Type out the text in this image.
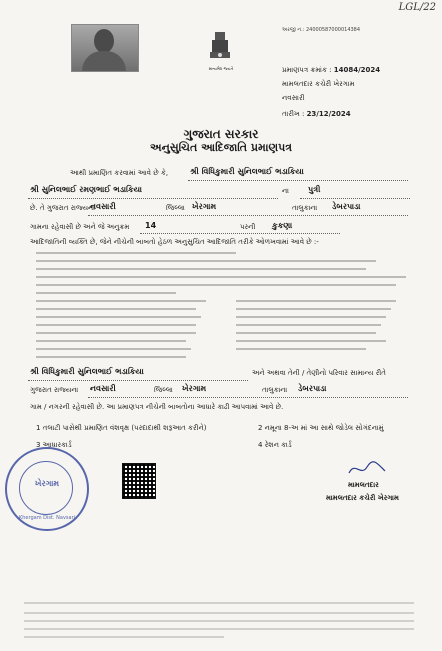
LGL/22
સત્યમેવ જયતે
અરજી નં.: 24000587000014384
પ્રમાણપત્ર ક્રમાંક : 14084/2024
મામલતદાર કચેરી ખેરગામ
નવસારી
તારીખ : 23/12/2024
ગુજરાત સરકાર
અનુસુચિત આદિજાતિ પ્રમાણપત્ર
આથી પ્રમાણિત કરવામાં આવે છે કે,	શ્રી વિધિકુમારી સુનિલભાઈ ભડાકિયા
શ્રી સુનિલભાઈ રમણભાઈ ભડાકિયા	ના પુત્રી
છે. તે ગુજરાત રાજ્યના
નવસારી	જિલ્લા ખેરગામ	તાલુકાના ડેબરપાડા
ગામના રહેવાસી છે અને જે અનુક્રમ 14	પરની કુકણા
આદિજાતિની વ્યક્તિ છે, જેને નીચેની બાબતો હેઠળ અનુસુચિત આદિજાતિ તરીકે ઓળખવામાં આવે છે :-
શ્રી વિધિકુમારી સુનિલભાઈ ભડાકિયા	અને અથવા તેની / તેણીનો પરિવાર સામાન્ય રીતે
ગુજરાત રાજ્યના નવસારી	જિલ્લા ખેરગામ	તાલુકાના ડેબરપાડા
ગામ / નગરની રહેવાસી છે. આ પ્રમાણપત્ર નીચેની બાબતોના આધારે કાઢી આપવામાં આવે છે.
1 તલાટી પાસેથી પ્રમાણિત વંશવૃક્ષ (પરદાદાથી શરૂઆત કરીને)	2 નમૂના 8-અ માં આ સાથે જોડેલ સોગંદનામું
3 આધારકાર્ડ	4 રેશન કાર્ડ
ખેરગામ
Khergam Dist. Navsari
મામલતદાર
મામલતદાર કચેરી ખેરગામ
